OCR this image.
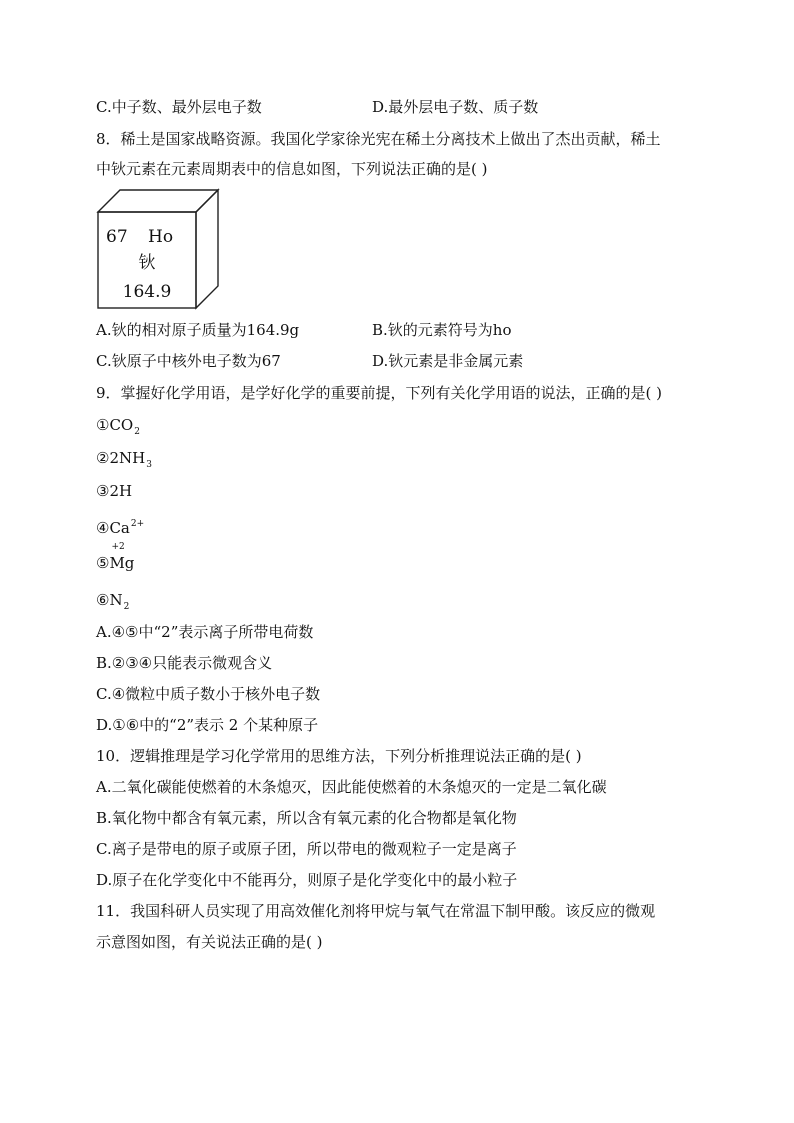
C.中子数、最外层电子数	D.最外层电子数、质子数
8．稀土是国家战略资源。我国化学家徐光宪在稀土分离技术上做出了杰出贡献，稀土
中钬元素在元素周期表中的信息如图，下列说法正确的是( )
67 Ho
钬
164.9
A.钬的相对原子质量为164.9g	B.钬的元素符号为ho
C.钬原子中核外电子数为67	D.钬元素是非金属元素
9．掌握好化学用语，是学好化学的重要前提，下列有关化学用语的说法，正确的是( )
$①CO_2$
$②2NH_3$
③2H
$④Ca^{2+}$
⑤
+2
Mg
$⑥N_2$
A.④⑤中“2”表示离子所带电荷数
B.②③④只能表示微观含义
C.④微粒中质子数小于核外电子数
D.①⑥中的“2”表示 2 个某种原子
10．逻辑推理是学习化学常用的思维方法，下列分析推理说法正确的是( )
A.二氧化碳能使燃着的木条熄灭，因此能使燃着的木条熄灭的一定是二氧化碳
B.氧化物中都含有氧元素，所以含有氧元素的化合物都是氧化物
C.离子是带电的原子或原子团，所以带电的微观粒子一定是离子
D.原子在化学变化中不能再分，则原子是化学变化中的最小粒子
11．我国科研人员实现了用高效催化剂将甲烷与氧气在常温下制甲酸。该反应的微观
示意图如图，有关说法正确的是( )
